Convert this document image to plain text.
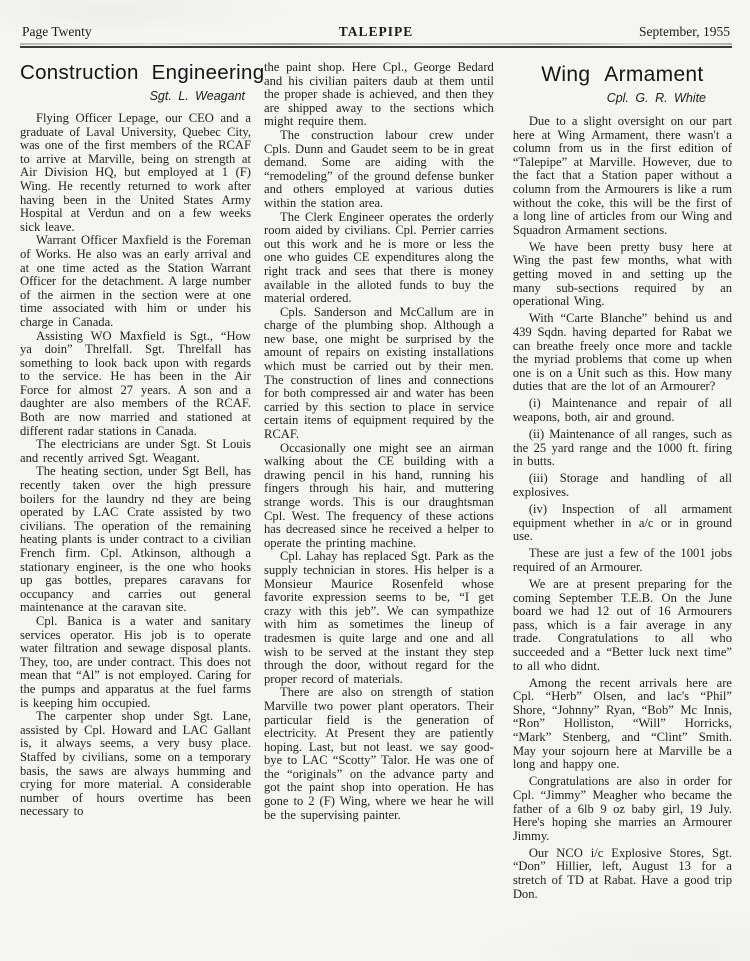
Page Twenty	TALEPIPE	September, 1955
Construction Engineering
Sgt. L. Weagant

Flying Officer Lepage, our CEO and a graduate of Laval University, Quebec City, was one of the first members of the RCAF to arrive at Marville, being on strength at Air Division HQ, but employed at 1 (F) Wing. He recently returned to work after having been in the United States Army Hospital at Verdun and on a few weeks sick leave.

Warrant Officer Maxfield is the Foreman of Works. He also was an early arrival and at one time acted as the Station Warrant Officer for the detachment. A large number of the airmen in the section were at one time associated with him or under his charge in Canada.

Assisting WO Maxfield is Sgt., “How ya doin” Threlfall. Sgt. Threlfall has something to look back upon with regards to the service. He has been in the Air Force for almost 27 years. A son and a daughter are also members of the RCAF. Both are now married and stationed at different radar stations in Canada.

The electricians are under Sgt. St Louis and recently arrived Sgt. Weagant.

The heating section, under Sgt Bell, has recently taken over the high pressure boilers for the laundry nd they are being operated by LAC Crate assisted by two civilians. The operation of the remaining heating plants is under contract to a civilian French firm. Cpl. Atkinson, although a stationary engineer, is the one who hooks up gas bottles, prepares caravans for occupancy and carries out general maintenance at the caravan site.

Cpl. Banica is a water and sanitary services operator. His job is to operate water filtration and sewage disposal plants. They, too, are under contract. This does not mean that “Al” is not employed. Caring for the pumps and apparatus at the fuel farms is keeping him occupied.

The carpenter shop under Sgt. Lane, assisted by Cpl. Howard and LAC Gallant is, it always seems, a very busy place. Staffed by civilians, some on a temporary basis, the saws are always humming and crying for more material. A considerable number of hours overtime has been necessary to

the paint shop. Here Cpl., George Bedard and his civilian paiters daub at them until the proper shade is achieved, and then they are shipped away to the sections which might require them.

The construction labour crew under Cpls. Dunn and Gaudet seem to be in great demand. Some are aiding with the “remodeling” of the ground defense bunker and others employed at various duties within the station area.

The Clerk Engineer operates the orderly room aided by civilians. Cpl. Perrier carries out this work and he is more or less the one who guides CE expenditures along the right track and sees that there is money available in the alloted funds to buy the material ordered.

Cpls. Sanderson and McCallum are in charge of the plumbing shop. Although a new base, one might be surprised by the amount of repairs on existing installations which must be carried out by their men. The construction of lines and connections for both compressed air and water has been carried by this section to place in service certain items of equipment required by the RCAF.

Occasionally one might see an airman walking about the CE building with a drawing pencil in his hand, running his fingers through his hair, and muttering strange words. This is our draughtsman Cpl. West. The frequency of these actions has decreased since he received a helper to operate the printing machine.

Cpl. Lahay has replaced Sgt. Park as the supply technician in stores. His helper is a Monsieur Maurice Rosenfeld whose favorite expression seems to be, “I get crazy with this jeb”. We can sympathize with him as sometimes the lineup of tradesmen is quite large and one and all wish to be served at the instant they step through the door, without regard for the proper record of materials.

There are also on strength of station Marville two power plant operators. Their particular field is the generation of electricity. At Present they are patiently hoping. Last, but not least. we say good-bye to LAC “Scotty” Talor. He was one of the “originals” on the advance party and got the paint shop into operation. He has gone to 2 (F) Wing, where we hear he will be the supervising painter.

Wing Armament
Cpl. G. R. White

Due to a slight oversight on our part here at Wing Armament, there wasn't a column from us in the first edition of “Talepipe” at Marville. However, due to the fact that a Station paper without a column from the Armourers is like a rum without the coke, this will be the first of a long line of articles from our Wing and Squadron Armament sections.

We have been pretty busy here at Wing the past few months, what with getting moved in and setting up the many sub-sections required by an operational Wing.

With “Carte Blanche” behind us and 439 Sqdn. having departed for Rabat we can breathe freely once more and tackle the myriad problems that come up when one is on a Unit such as this. How many duties that are the lot of an Armourer?

(i) Maintenance and repair of all weapons, both, air and ground.

(ii) Maintenance of all ranges, such as the 25 yard range and the 1000 ft. firing in butts.

(iii) Storage and handling of all explosives.

(iv) Inspection of all armament equipment whether in a/c or in ground use.

These are just a few of the 1001 jobs required of an Armourer.

We are at present preparing for the coming September T.E.B. On the June board we had 12 out of 16 Armourers pass, which is a fair average in any trade. Congratulations to all who succeeded and a “Better luck next time” to all who didnt.

Among the recent arrivals here are Cpl. “Herb” Olsen, and lac's “Phil” Shore, “Johnny” Ryan, “Bob” Mc Innis, “Ron” Holliston, “Will” Horricks, “Mark” Stenberg, and “Clint” Smith. May your sojourn here at Marville be a long and happy one.

Congratulations are also in order for Cpl. “Jimmy” Meagher who became the father of a 6lb 9 oz baby girl, 19 July. Here's hoping she marries an Armourer Jimmy.

Our NCO i/c Explosive Stores, Sgt. “Don” Hillier, left, August 13 for a stretch of TD at Rabat. Have a good trip Don.
